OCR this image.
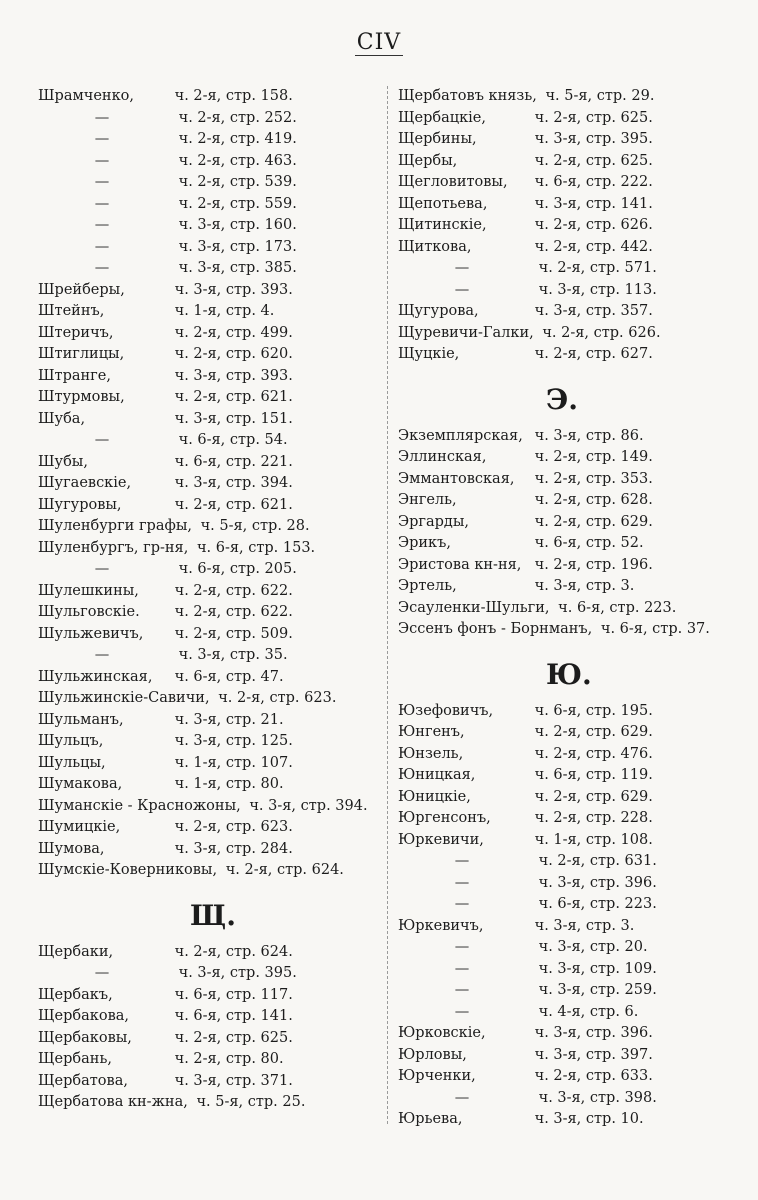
CIV
Шрамченко,	ч. 2-я, стр. 158.
—	ч. 2-я, стр. 252.
—	ч. 2-я, стр. 419.
—	ч. 2-я, стр. 463.
—	ч. 2-я, стр. 539.
—	ч. 2-я, стр. 559.
—	ч. 3-я, стр. 160.
—	ч. 3-я, стр. 173.
—	ч. 3-я, стр. 385.
Шрейберы,	ч. 3-я, стр. 393.
Штейнъ,	ч. 1-я, стр. 4.
Штеричъ,	ч. 2-я, стр. 499.
Штиглицы,	ч. 2-я, стр. 620.
Штранге,	ч. 3-я, стр. 393.
Штурмовы,	ч. 2-я, стр. 621.
Шуба,	ч. 3-я, стр. 151.
—	ч. 6-я, стр. 54.
Шубы,	ч. 6-я, стр. 221.
Шугаевскіе,	ч. 3-я, стр. 394.
Шугуровы,	ч. 2-я, стр. 621.
Шуленбурги графы, ч. 5-я, стр. 28.
Шуленбургъ, гр-ня, ч. 6-я, стр. 153.
—	ч. 6-я, стр. 205.
Шулешкины, ч. 2-я, стр. 622.
Шульговскіе. ч. 2-я, стр. 622.
Шульжевичъ, ч. 2-я, стр. 509.
—	ч. 3-я, стр. 35.
Шульжинская, ч. 6-я, стр. 47.
Шульжинскіе-Савичи, ч. 2-я, стр. 623.
Шульманъ,	ч. 3-я, стр. 21.
Шульцъ,	ч. 3-я, стр. 125.
Шульцы,	ч. 1-я, стр. 107.
Шумакова,	ч. 1-я, стр. 80.
Шуманскіе - Красножоны, ч. 3-я, стр. 394.
Шумицкіе,	ч. 2-я, стр. 623.
Шумова,	ч. 3-я, стр. 284.
Шумскіе-Коверниковы, ч. 2-я, стр. 624.
Щ.
Щербаки,	ч. 2-я, стр. 624.
—	ч. 3-я, стр. 395.
Щербакъ,	ч. 6-я, стр. 117.
Щербакова,	ч. 6-я, стр. 141.
Щербаковы,	ч. 2-я, стр. 625.
Щербань,	ч. 2-я, стр. 80.
Щербатова,	ч. 3-я, стр. 371.
Щербатова кн-жна, ч. 5-я, стр. 25.
Щербатовъ князь, ч. 5-я, стр. 29.
Щербацкіе,	ч. 2-я, стр. 625.
Щербины,	ч. 3-я, стр. 395.
Щербы,	ч. 2-я, стр. 625.
Щегловитовы, ч. 6-я, стр. 222.
Щепотьева,	ч. 3-я, стр. 141.
Щитинскіе,	ч. 2-я, стр. 626.
Щиткова,	ч. 2-я, стр. 442.
—	ч. 2-я, стр. 571.
—	ч. 3-я, стр. 113.
Щугурова,	ч. 3-я, стр. 357.
Щуревичи-Галки, ч. 2-я, стр. 626.
Щуцкіе,	ч. 2-я, стр. 627.
Э.
Экземплярская, ч. 3-я, стр. 86.
Эллинская,	ч. 2-я, стр. 149.
Эммантовская, ч. 2-я, стр. 353.
Энгель,	ч. 2-я, стр. 628.
Эргарды,	ч. 2-я, стр. 629.
Эрикъ,	ч. 6-я, стр. 52.
Эристова кн-ня, ч. 2-я, стр. 196.
Эртель,	ч. 3-я, стр. 3.
Эсауленки-Шульги, ч. 6-я, стр. 223.
Эссенъ фонъ - Борнманъ, ч. 6-я, стр. 37.
Ю.
Юзефовичъ,	ч. 6-я, стр. 195.
Юнгенъ,	ч. 2-я, стр. 629.
Юнзель,	ч. 2-я, стр. 476.
Юницкая,	ч. 6-я, стр. 119.
Юницкіе,	ч. 2-я, стр. 629.
Юргенсонъ,	ч. 2-я, стр. 228.
Юркевичи,	ч. 1-я, стр. 108.
—	ч. 2-я, стр. 631.
—	ч. 3-я, стр. 396.
—	ч. 6-я, стр. 223.
Юркевичъ,	ч. 3-я, стр. 3.
—	ч. 3-я, стр. 20.
—	ч. 3-я, стр. 109.
—	ч. 3-я, стр. 259.
—	ч. 4-я, стр. 6.
Юрковскіе,	ч. 3-я, стр. 396.
Юрловы,	ч. 3-я, стр. 397.
Юрченки,	ч. 2-я, стр. 633.
—	ч. 3-я, стр. 398.
Юрьева,	ч. 3-я, стр. 10.
